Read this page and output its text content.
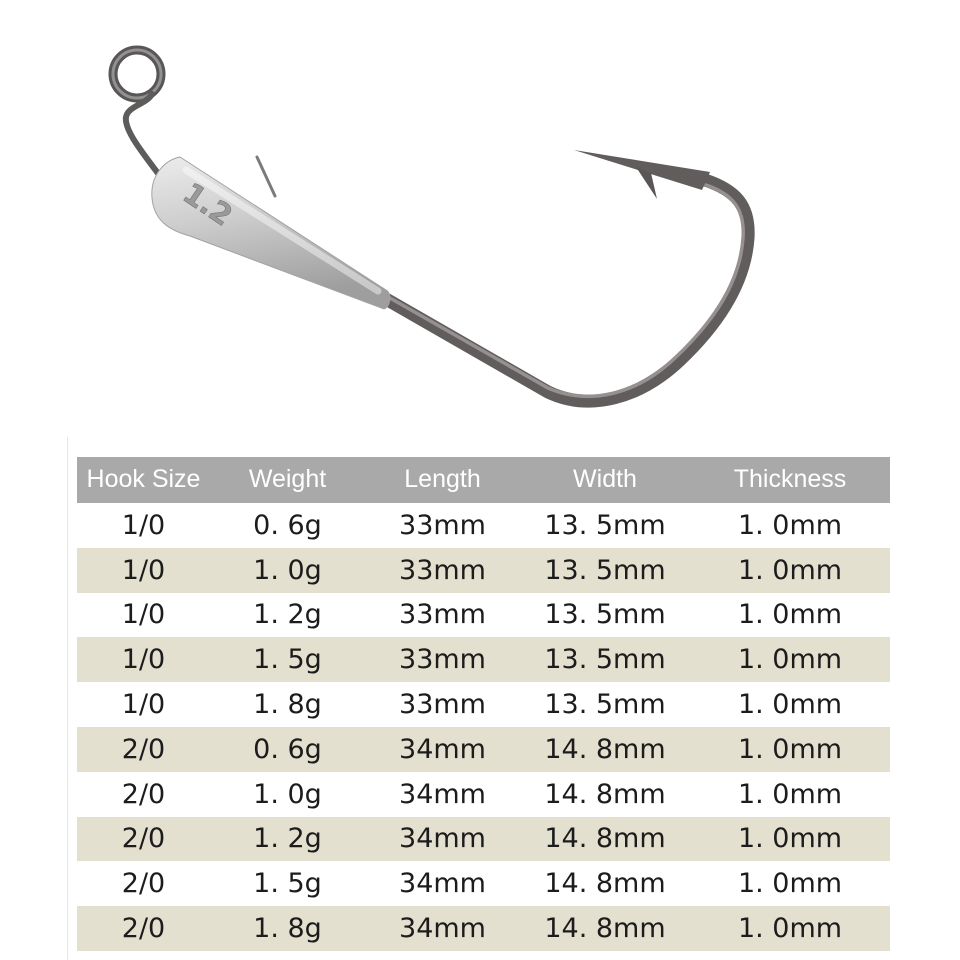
1.2
Hook Size	Weight	Length	Width	Thickness
1/0	0. 6g	33mm	13. 5mm	1. 0mm
1/0	1. 0g	33mm	13. 5mm	1. 0mm
1/0	1. 2g	33mm	13. 5mm	1. 0mm
1/0	1. 5g	33mm	13. 5mm	1. 0mm
1/0	1. 8g	33mm	13. 5mm	1. 0mm
2/0	0. 6g	34mm	14. 8mm	1. 0mm
2/0	1. 0g	34mm	14. 8mm	1. 0mm
2/0	1. 2g	34mm	14. 8mm	1. 0mm
2/0	1. 5g	34mm	14. 8mm	1. 0mm
2/0	1. 8g	34mm	14. 8mm	1. 0mm
